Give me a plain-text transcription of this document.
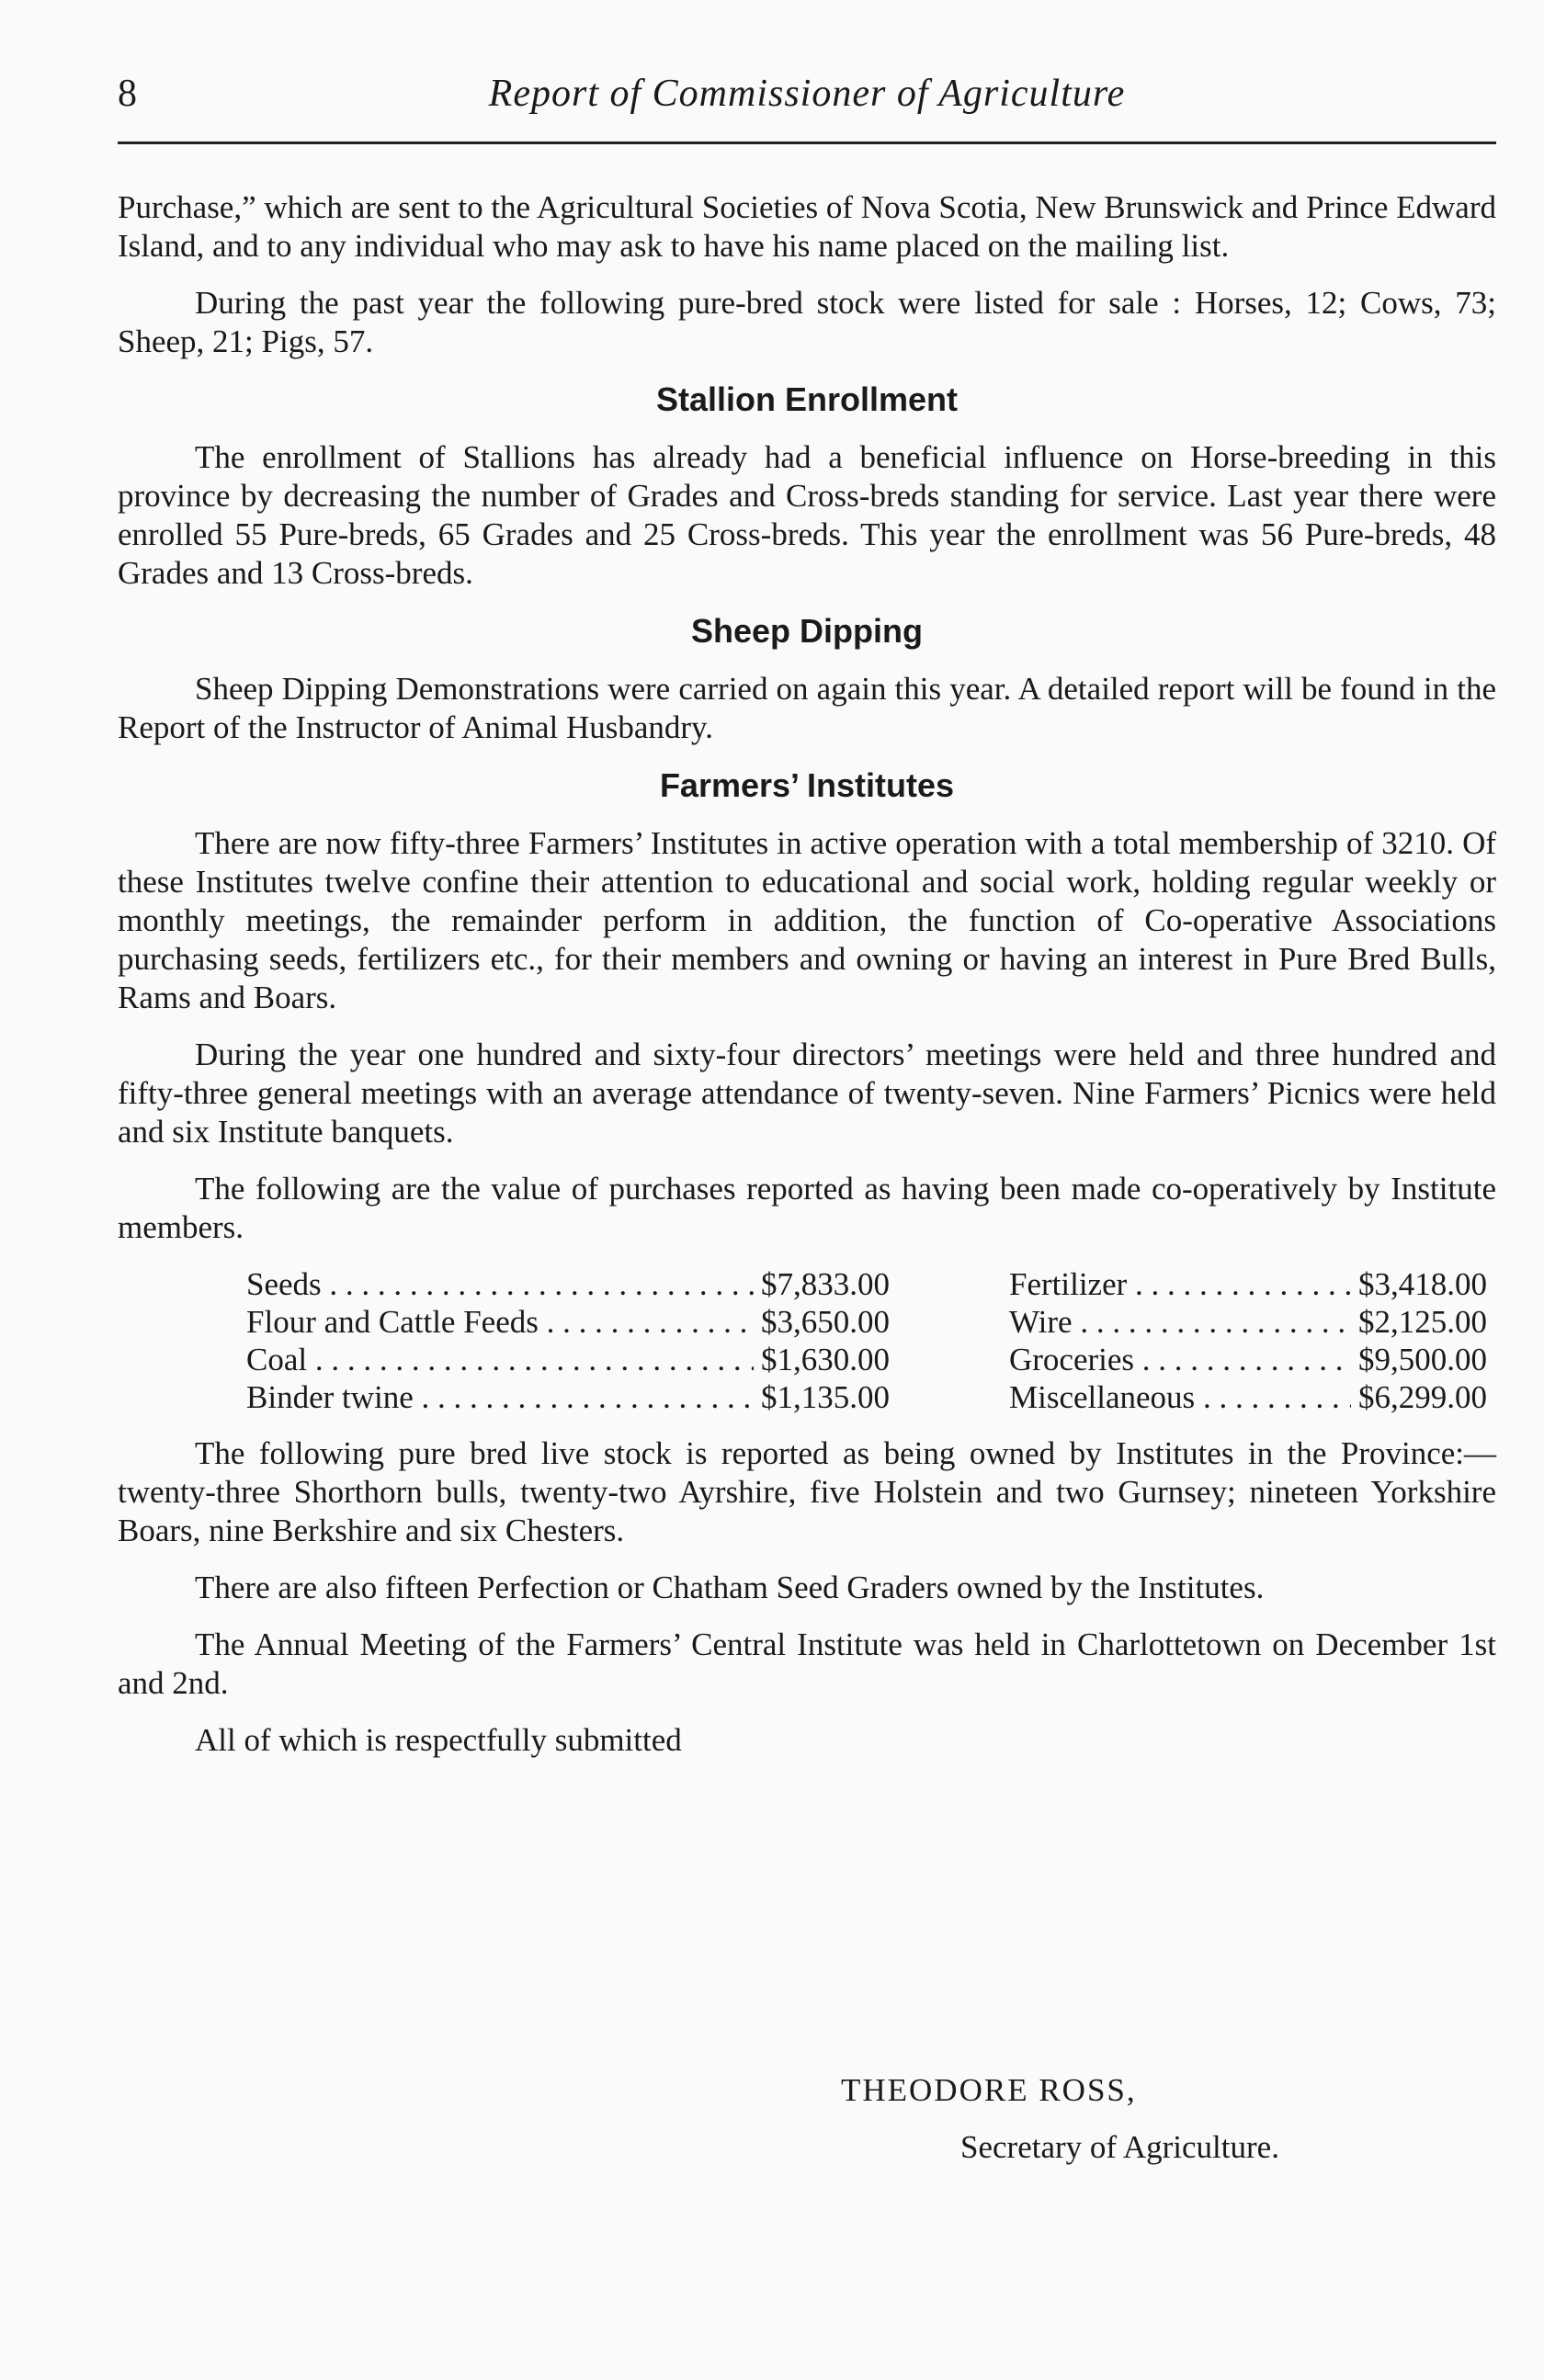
8	Report of Commissioner of Agriculture

Purchase,” which are sent to the Agricultural Societies of Nova Scotia, New Brunswick and Prince Edward Island, and to any individual who may ask to have his name placed on the mailing list.

During the past year the following pure-bred stock were listed for sale : Horses, 12; Cows, 73; Sheep, 21; Pigs, 57.

Stallion Enrollment

The enrollment of Stallions has already had a beneficial influence on Horse-breeding in this province by decreasing the number of Grades and Cross-breds standing for service. Last year there were enrolled 55 Pure-breds, 65 Grades and 25 Cross-breds. This year the enrollment was 56 Pure-breds, 48 Grades and 13 Cross-breds.

Sheep Dipping

Sheep Dipping Demonstrations were carried on again this year. A detailed report will be found in the Report of the Instructor of Animal Husbandry.

Farmers’ Institutes

There are now fifty-three Farmers’ Institutes in active operation with a total membership of 3210. Of these Institutes twelve confine their attention to educational and social work, holding regular weekly or monthly meetings, the remainder perform in addition, the function of Co-operative Associations purchasing seeds, fertilizers etc., for their members and owning or having an interest in Pure Bred Bulls, Rams and Boars.

During the year one hundred and sixty-four directors’ meetings were held and three hundred and fifty-three general meetings with an average attendance of twenty-seven. Nine Farmers’ Picnics were held and six Institute banquets.

The following are the value of purchases reported as having been made co-operatively by Institute members.

Seeds . . .	$7,833.00
Flour and Cattle Feeds . . .	$3,650.00
Coal . . .	$1,630.00
Binder twine . . .	$1,135.00
Fertilizer . . .	$3,418.00
Wire . . .	$2,125.00
Groceries . . .	$9,500.00
Miscellaneous . . .	$6,299.00

The following pure bred live stock is reported as being owned by Institutes in the Province:—twenty-three Shorthorn bulls, twenty-two Ayrshire, five Holstein and two Gurnsey; nineteen Yorkshire Boars, nine Berkshire and six Chesters.

There are also fifteen Perfection or Chatham Seed Graders owned by the Institutes.

The Annual Meeting of the Farmers’ Central Institute was held in Charlottetown on December 1st and 2nd.

All of which is respectfully submitted

THEODORE ROSS,
Secretary of Agriculture.
